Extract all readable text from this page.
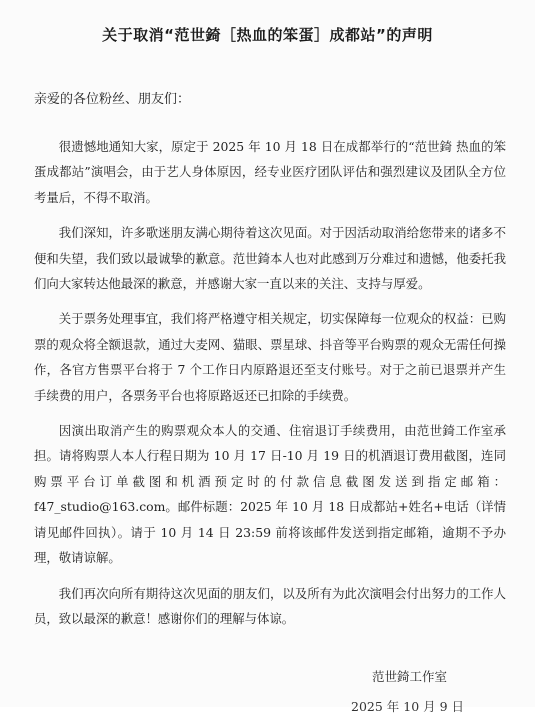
关于取消“范世錡［热血的笨蛋］成都站”的声明
亲爱的各位粉丝、朋友们：

很遗憾地通知大家，原定于 2025 年 10 月 18 日在成都举行的“范世錡 热血的笨蛋成都站”演唱会，由于艺人身体原因，经专业医疗团队评估和强烈建议及团队全方位考量后，不得不取消。

我们深知，许多歌迷朋友满心期待着这次见面。对于因活动取消给您带来的诸多不便和失望，我们致以最诚挚的歉意。范世錡本人也对此感到万分难过和遗憾，他委托我们向大家转达他最深的歉意，并感谢大家一直以来的关注、支持与厚爱。

关于票务处理事宜，我们将严格遵守相关规定，切实保障每一位观众的权益：已购票的观众将全额退款，通过大麦网、猫眼、票星球、抖音等平台购票的观众无需任何操作，各官方售票平台将于 7 个工作日内原路退还至支付账号。对于之前已退票并产生手续费的用户，各票务平台也将原路返还已扣除的手续费。

因演出取消产生的购票观众本人的交通、住宿退订手续费用，由范世錡工作室承担。请将购票人本人行程日期为 10 月 17 日-10 月 19 日的机酒退订费用截图，连同购票平台订单截图和机酒预定时的付款信息截图发送到指定邮箱：f47_studio@163.com。邮件标题：2025 年 10 月 18 日成都站+姓名+电话（详情请见邮件回执）。请于 10 月 14 日 23:59 前将该邮件发送到指定邮箱，逾期不予办理，敬请谅解。

我们再次向所有期待这次见面的朋友们，以及所有为此次演唱会付出努力的工作人员，致以最深的歉意！感谢你们的理解与体谅。

范世錡工作室
2025 年 10 月 9 日
